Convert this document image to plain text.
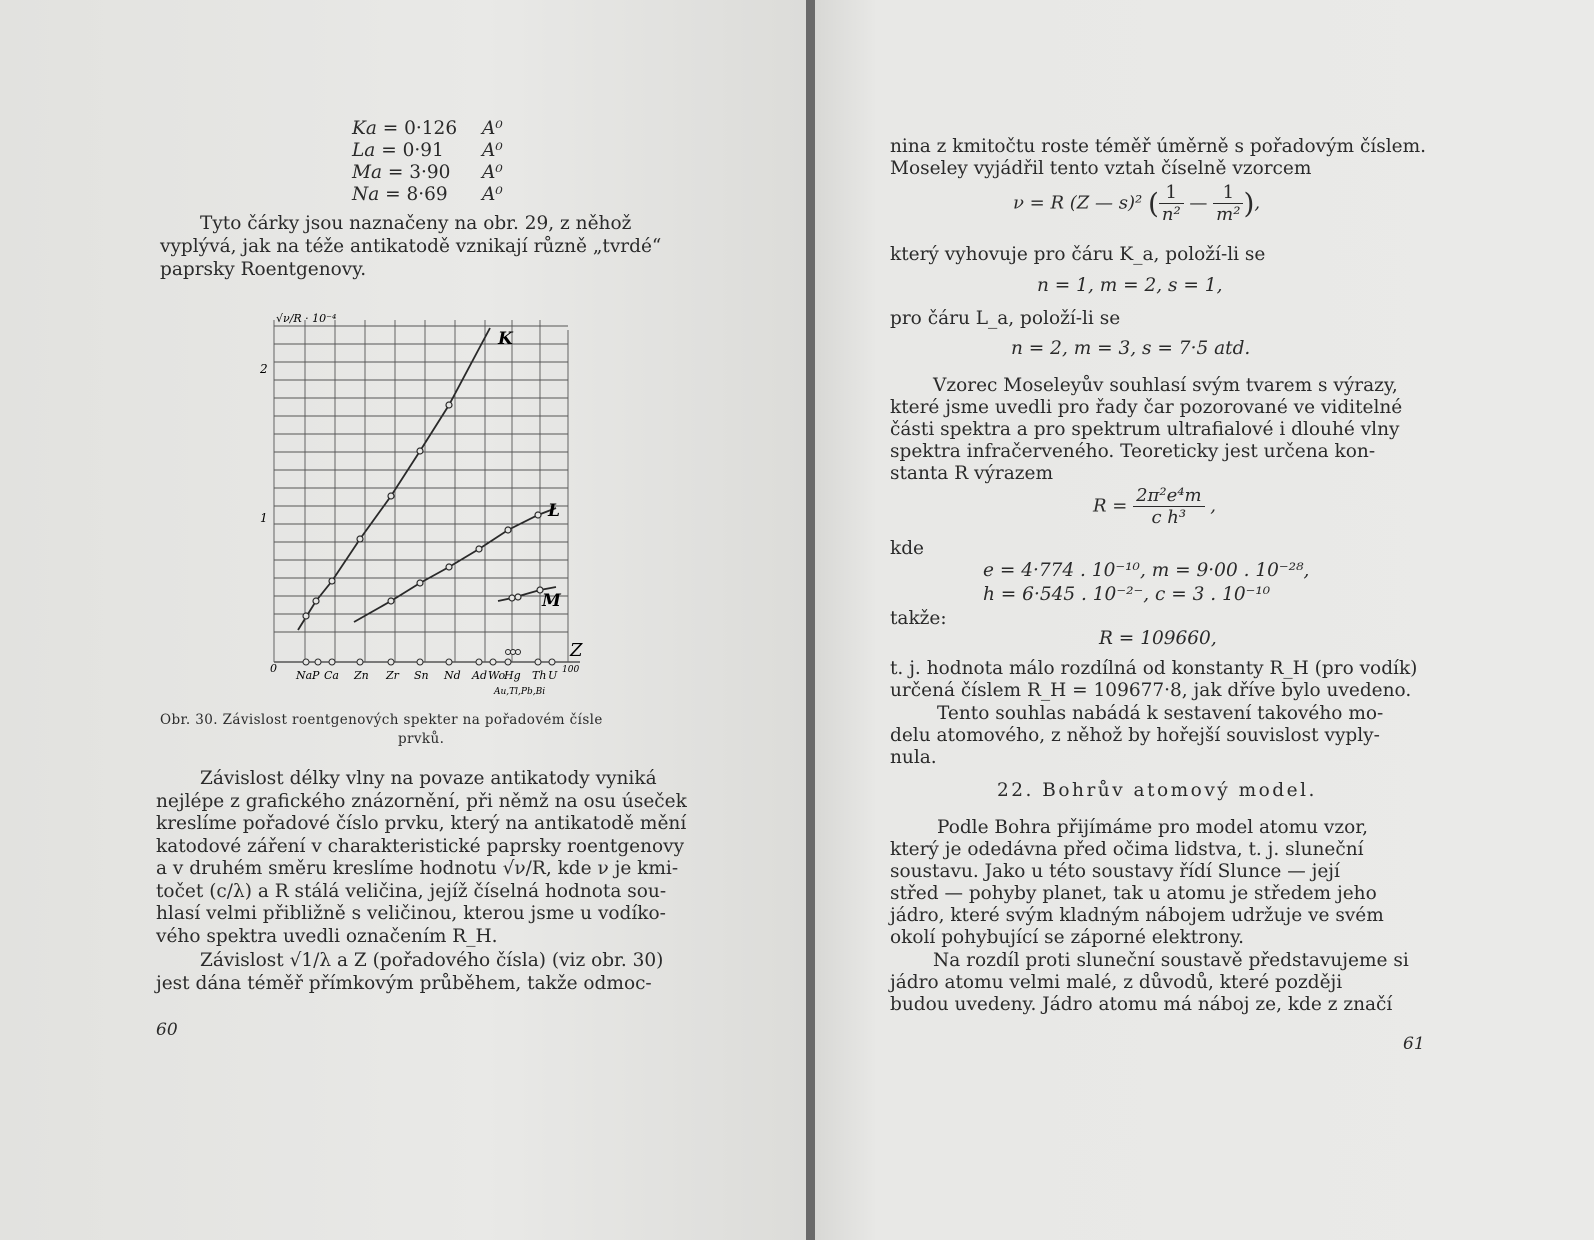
Ka = 0·126 A⁰
La = 0·91 A⁰
Ma = 3·90 A⁰
Na = 8·69 A⁰
Tyto čárky jsou naznačeny na obr. 29, z něhož
vyplývá, jak na téže antikatodě vznikají různě „tvrdé“
paprsky Roentgenovy.
√ν/R · 10⁻⁴
2
1
0
Z
K
L
M
Na P Ca Zn Zr Sn Nd Ad Wo
Hg Th U 100
Au,Tl,Pb,Bi
Obr. 30. Závislost roentgenových spekter na pořadovém čísle
prvků.
Závislost délky vlny na povaze antikatody vyniká
nejlépe z grafického znázornění, při němž na osu úseček
kreslíme pořadové číslo prvku, který na antikatodě mění
katodové záření v charakteristické paprsky roentgenovy
a v druhém směru kreslíme hodnotu √ν/R, kde ν je kmi-
točet (c/λ) a R stálá veličina, jejíž číselná hodnota sou-
hlasí velmi přibližně s veličinou, kterou jsme u vodíko-
vého spektra uvedli označením R_H.
Závislost √1/λ a Z (pořadového čísla) (viz obr. 30)
jest dána téměř přímkovým průběhem, takže odmoc-
60
nina z kmitočtu roste téměř úměrně s pořadovým číslem.
Moseley vyjádřil tento vztah číselně vzorcem
ν = R (Z — s)² ( $\frac{1}{\text{n²}}$ — $\frac{1}{\text{m²}}$ ),
který vyhovuje pro čáru K_a, položí-li se
n = 1, m = 2, s = 1,
pro čáru L_a, položí-li se
n = 2, m = 3, s = 7·5 atd.
Vzorec Moseleyův souhlasí svým tvarem s výrazy,
které jsme uvedli pro řady čar pozorované ve viditelné
části spektra a pro spektrum ultrafialové i dlouhé vlny
spektra infračerveného. Teoreticky jest určena kon-
stanta R výrazem
$R = \frac{\text{2π²e⁴m}}{\text{c h³}}$ ,
kde
e = 4·774 . 10⁻¹⁰, m = 9·00 . 10⁻²⁸,
h = 6·545 . 10⁻²⁻, c = 3 . 10⁻¹⁰
takže:
R = 109660,
t. j. hodnota málo rozdílná od konstanty R_H (pro vodík)
určená číslem R_H = 109677·8, jak dříve bylo uvedeno.
Tento souhlas nabádá k sestavení takového mo-
delu atomového, z něhož by hořejší souvislost vyply-
nula.
22. Bohrův atomový model.
Podle Bohra přijímáme pro model atomu vzor,
který je odedávna před očima lidstva, t. j. sluneční
soustavu. Jako u této soustavy řídí Slunce — její
střed — pohyby planet, tak u atomu je středem jeho
jádro, které svým kladným nábojem udržuje ve svém
okolí pohybující se záporné elektrony.
Na rozdíl proti sluneční soustavě představujeme si
jádro atomu velmi malé, z důvodů, které později
budou uvedeny. Jádro atomu má náboj ze, kde z značí
61
